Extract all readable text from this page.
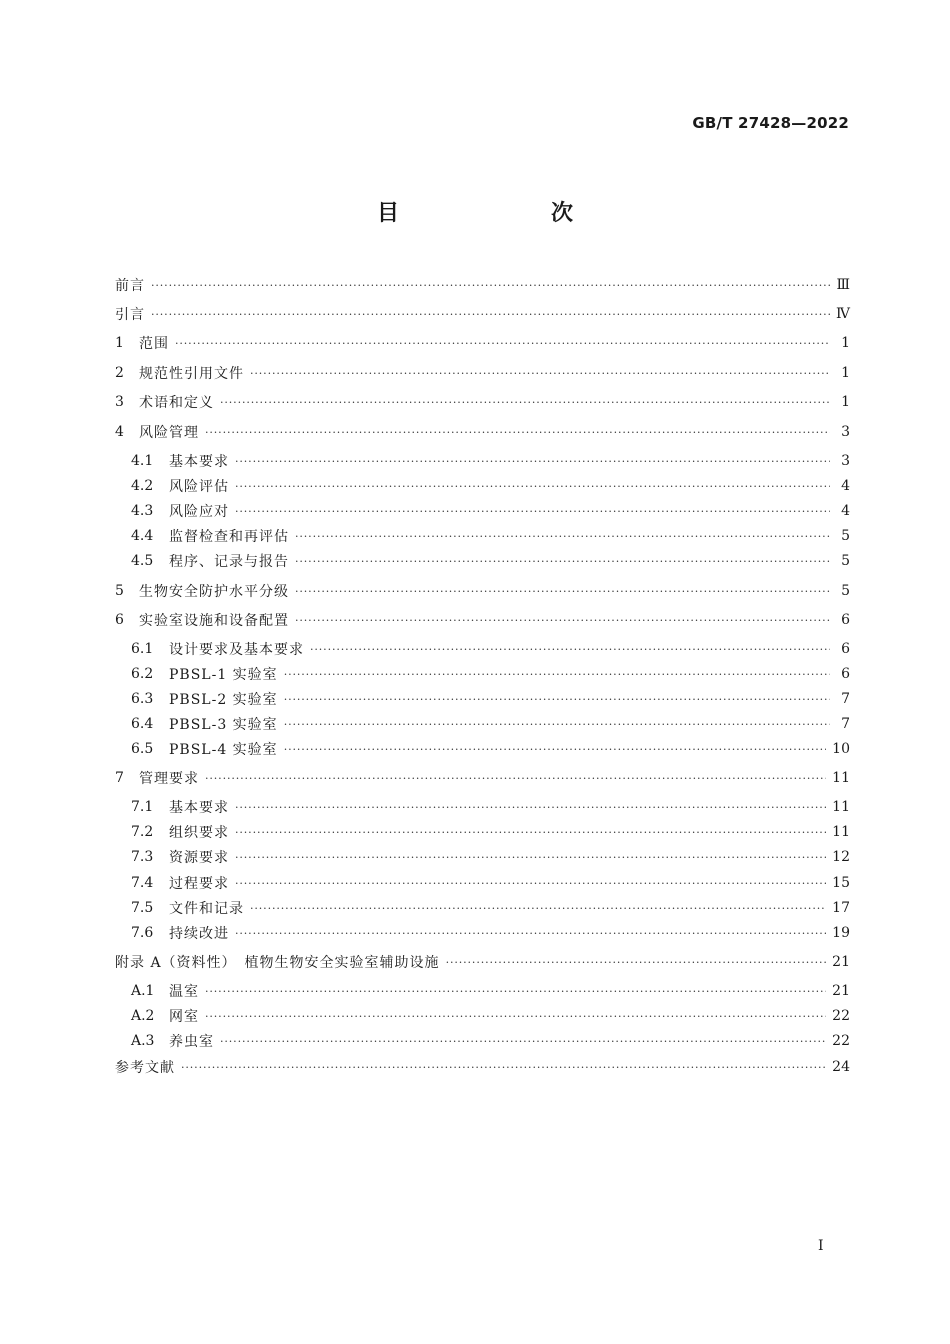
GB/T 27428—2022
目　　次
前言 . . .	Ⅲ
引言 . . .	Ⅳ
1	范围 . . .	1
2	规范性引用文件 . . .	1
3	术语和定义 . . .	1
4	风险管理 . . .	3
4.1	基本要求 . . .	3
4.2	风险评估 . . .	4
4.3	风险应对 . . .	4
4.4	监督检查和再评估 . . .	5
4.5	程序、记录与报告 . . .	5
5	生物安全防护水平分级 . . .	5
6	实验室设施和设备配置 . . .	6
6.1	设计要求及基本要求 . . .	6
6.2	PBSL-1 实验室 . . .	6
6.3	PBSL-2 实验室 . . .	7
6.4	PBSL-3 实验室 . . .	7
6.5	PBSL-4 实验室 . . .	10
7	管理要求 . . .	11
7.1	基本要求 . . .	11
7.2	组织要求 . . .	11
7.3	资源要求 . . .	12
7.4	过程要求 . . .	15
7.5	文件和记录 . . .	17
7.6	持续改进 . . .	19
附录 A（资料性）　植物生物安全实验室辅助设施 . . .	21
A.1	温室 . . .	21
A.2	网室 . . .	22
A.3	养虫室 . . .	22
参考文献 . . .	24
Ⅰ
